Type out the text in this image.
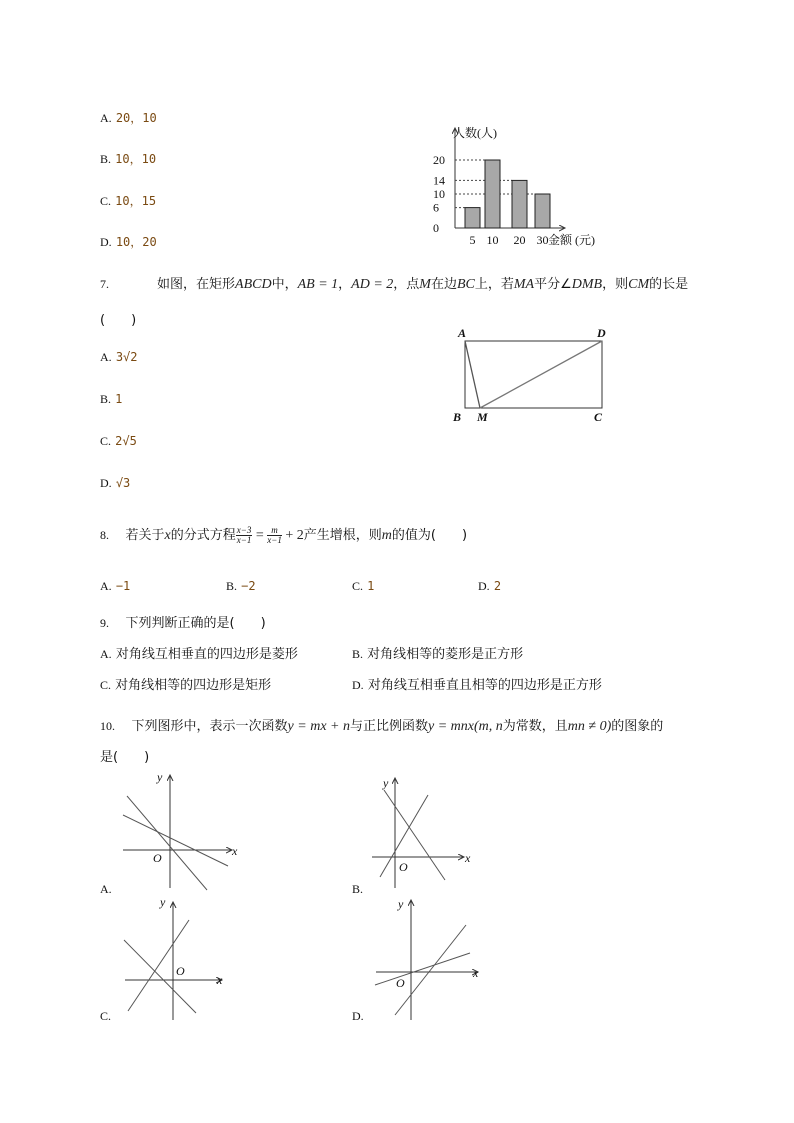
A. 20，10
B. 10，10
C. 10，15
D. 10，20
0
6
10
14
20
5 10 20 30
人数(人)
金额 (元)
A	D
B M	C
y
x
O
y
x
O
y
x
O
y
x
O
7.	如图，在矩形ABCD中，AB = 1，AD = 2，点M在边BC上，若MA平分∠DMB，则CM的长是
(　　)
A. 3√2
B. 1
C. 2√5
D. √3
8. 若关于x的分式方程 $\frac{x-3}{x-1} = \frac{m}{x-1} + 2$产生增根，则m的值为(　　)
A. −1	B. −2	C. 1	D. 2
9. 下列判断正确的是(　　)
A. 对角线互相垂直的四边形是菱形	B. 对角线相等的菱形是正方形
C. 对角线相等的四边形是矩形	D. 对角线互相垂直且相等的四边形是正方形
10. 下列图形中，表示一次函数y = mx + n与正比例函数y = mnx(m, n为常数，且mn ≠ 0)的图象的
是(　　)
A.	B.
C.	D.
